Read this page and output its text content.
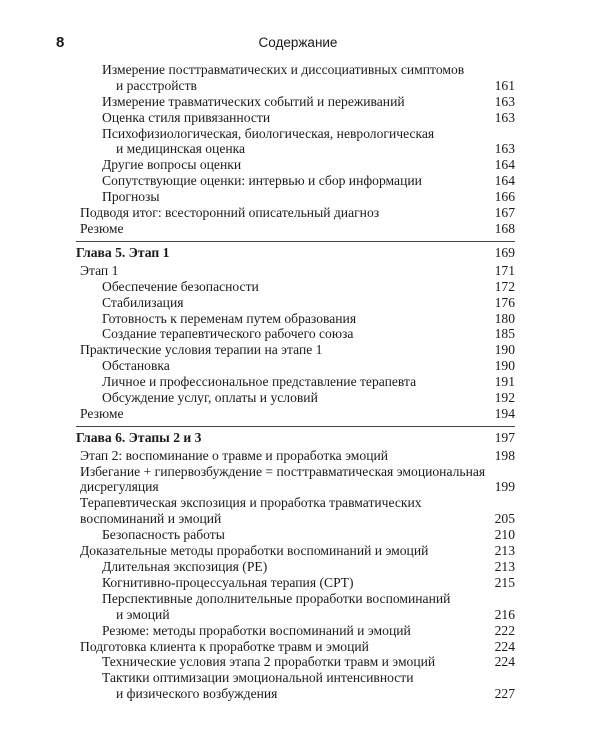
8	Содержание
Измерение посттравматических и диссоциативных симптомов
и расстройств	161
Измерение травматических событий и переживаний	163
Оценка стиля привязанности	163
Психофизиологическая, биологическая, неврологическая
и медицинская оценка	163
Другие вопросы оценки	164
Сопутствующие оценки: интервью и сбор информации	164
Прогнозы	166
Подводя итог: всесторонний описательный диагноз	167
Резюме	168
Глава 5. Этап 1	169
Этап 1	171
Обеспечение безопасности	172
Стабилизация	176
Готовность к переменам путем образования	180
Создание терапевтического рабочего союза	185
Практические условия терапии на этапе 1	190
Обстановка	190
Личное и профессиональное представление терапевта	191
Обсуждение услуг, оплаты и условий	192
Резюме	194
Глава 6. Этапы 2 и 3	197
Этап 2: воспоминание о травме и проработка эмоций	198
Избегание + гипервозбуждение = посттравматическая эмоциональная
дисрегуляция	199
Терапевтическая экспозиция и проработка травматических
воспоминаний и эмоций	205
Безопасность работы	210
Доказательные методы проработки воспоминаний и эмоций	213
Длительная экспозиция (PE)	213
Когнитивно-процессуальная терапия (CPT)	215
Перспективные дополнительные проработки воспоминаний
и эмоций	216
Резюме: методы проработки воспоминаний и эмоций	222
Подготовка клиента к проработке травм и эмоций	224
Технические условия этапа 2 проработки травм и эмоций	224
Тактики оптимизации эмоциональной интенсивности
и физического возбуждения	227
